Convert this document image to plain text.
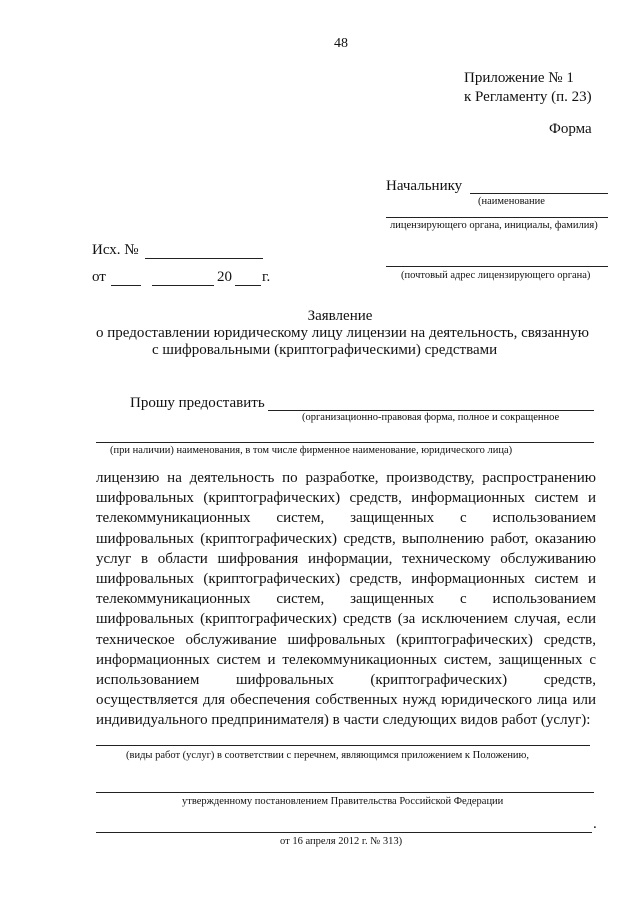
48
Приложение № 1
к Регламенту (п. 23)
Форма
Начальнику
(наименование
лицензирующего органа, инициалы, фамилия)
(почтовый адрес лицензирующего органа)
Исх. №
от	20 г.
Заявление
о предоставлении юридическому лицу лицензии на деятельность, связанную
с шифровальными (криптографическими) средствами
Прошу предоставить
(организационно-правовая форма, полное и сокращенное
(при наличии) наименования, в том числе фирменное наименование, юридического лица)

лицензию на деятельность по разработке, производству, распространению

шифровальных (криптографических) средств, информационных систем и

телекоммуникационных систем, защищенных с использованием

шифровальных (криптографических) средств, выполнению работ, оказанию

услуг в области шифрования информации, техническому обслуживанию

шифровальных (криптографических) средств, информационных систем и

телекоммуникационных систем, защищенных с использованием

шифровальных (криптографических) средств (за исключением случая, если

техническое обслуживание шифровальных (криптографических) средств,

информационных систем и телекоммуникационных систем, защищенных с

использованием шифровальных (криптографических) средств,

осуществляется для обеспечения собственных нужд юридического лица или

индивидуального предпринимателя) в части следующих видов работ (услуг):

(виды работ (услуг) в соответствии с перечнем, являющимся приложением к Положению,
утвержденному постановлением Правительства Российской Федерации
.
от 16 апреля 2012 г. № 313)
